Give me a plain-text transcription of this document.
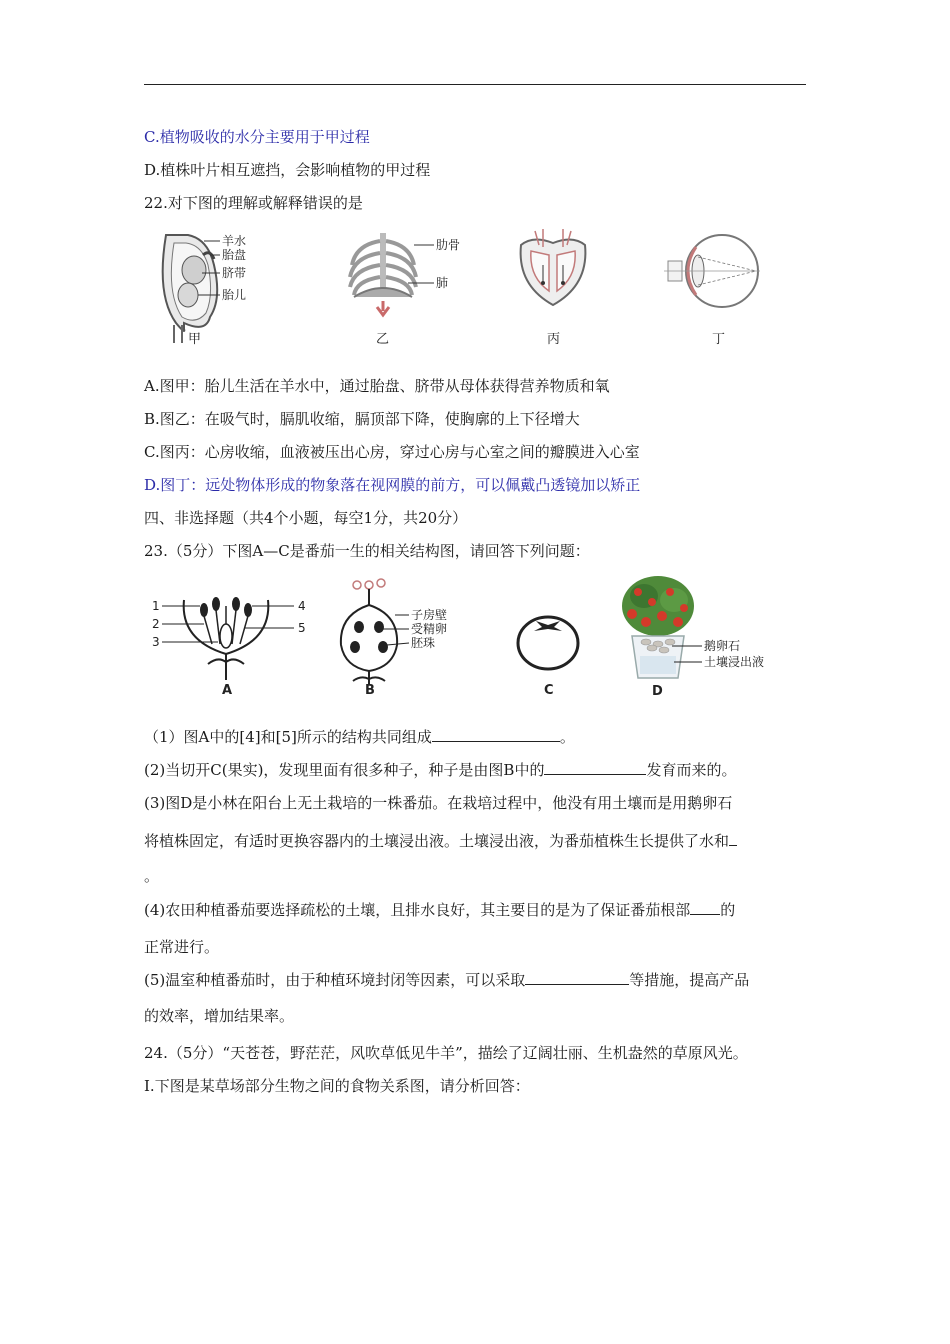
C.植物吸收的水分主要用于甲过程
D.植株叶片相互遮挡，会影响植物的甲过程
22.对下图的理解或解释错误的是
羊水
胎盘
脐带
胎儿
甲
肋骨
肺
乙	丙	丁
A.图甲：胎儿生活在羊水中，通过胎盘、脐带从母体获得营养物质和氧
B.图乙：在吸气时，膈肌收缩，膈顶部下降，使胸廓的上下径增大
C.图丙：心房收缩，血液被压出心房，穿过心房与心室之间的瓣膜进入心室
D.图丁：远处物体形成的物象落在视网膜的前方，可以佩戴凸透镜加以矫正
四、非选择题（共4个小题，每空1分，共20分）
23.（5分）下图A—C是番茄一生的相关结构图，请回答下列问题：
1
2
3
4
5
A
子房壁
受精卵
胚珠
B	C
鹅卵石
土壤浸出液
D
（1）图A中的[4]和[5]所示的结构共同组成	。
(2)当切开C(果实)，发现里面有很多种子，种子是由图B中的	发育而来的。
(3)图D是小林在阳台上无土栽培的一株番茄。在栽培过程中，他没有用土壤而是用鹅卵石
将植株固定，有适时更换容器内的土壤浸出液。土壤浸出液，为番茄植株生长提供了水和
。
(4)农田种植番茄要选择疏松的土壤，且排水良好，其主要目的是为了保证番茄根部 的
正常进行。
(5)温室种植番茄时，由于种植环境封闭等因素，可以采取	等措施，提高产品
的效率，增加结果率。
24.（5分）“天苍苍，野茫茫，风吹草低见牛羊”，描绘了辽阔壮丽、生机盎然的草原风光。
Ⅰ.下图是某草场部分生物之间的食物关系图，请分析回答：
